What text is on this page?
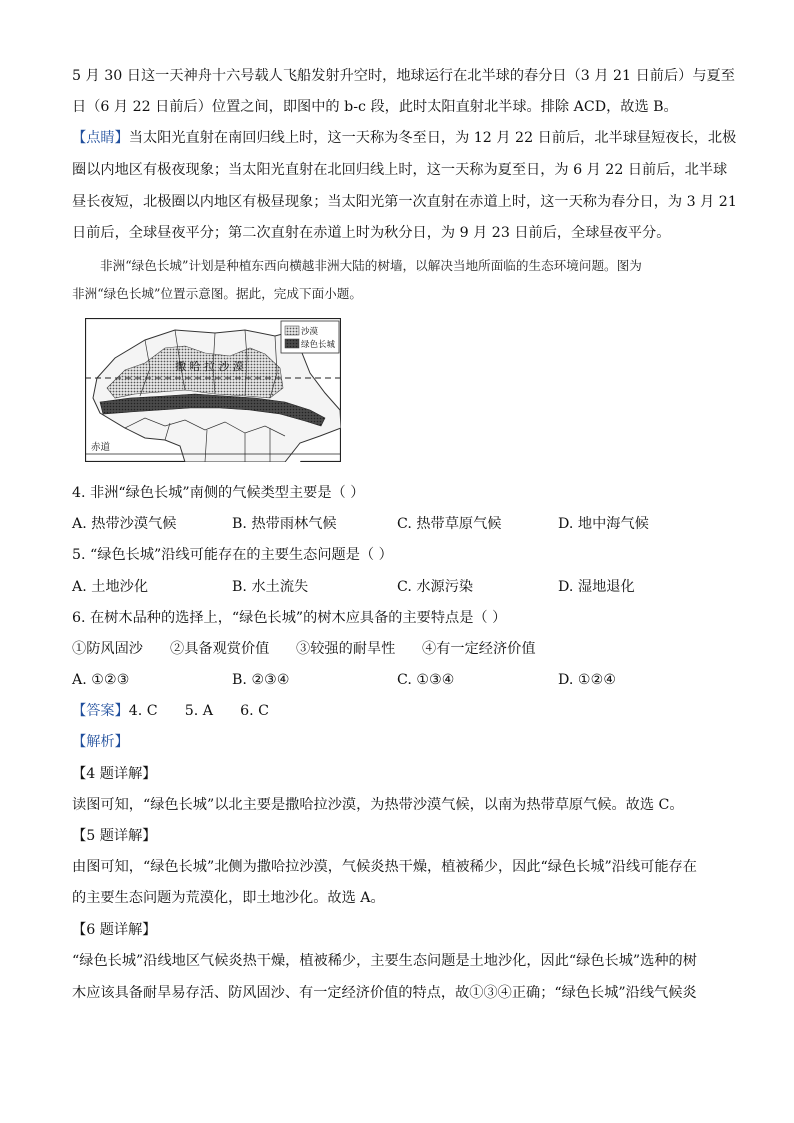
5 月 30 日这一天神舟十六号载人飞船发射升空时，地球运行在北半球的春分日（3 月 21 日前后）与夏至
日（6 月 22 日前后）位置之间，即图中的 b-c 段，此时太阳直射北半球。排除 ACD，故选 B。
【点睛】当太阳光直射在南回归线上时，这一天称为冬至日，为 12 月 22 日前后，北半球昼短夜长，北极
圈以内地区有极夜现象；当太阳光直射在北回归线上时，这一天称为夏至日，为 6 月 22 日前后，北半球
昼长夜短，北极圈以内地区有极昼现象；当太阳光第一次直射在赤道上时，这一天称为春分日，为 3 月 21
日前后，全球昼夜平分；第二次直射在赤道上时为秋分日，为 9 月 23 日前后，全球昼夜平分。
非洲“绿色长城”计划是种植东西向横越非洲大陆的树墙，以解决当地所面临的生态环境问题。图为
非洲“绿色长城”位置示意图。据此，完成下面小题。
撒 哈 拉 沙 漠
赤道
沙漠
绿色长城
4. 非洲“绿色长城”南侧的气候类型主要是（ ）
A. 热带沙漠气候	B. 热带雨林气候	C. 热带草原气候	D. 地中海气候
5. “绿色长城”沿线可能存在的主要生态问题是（ ）
A. 土地沙化	B. 水土流失	C. 水源污染	D. 湿地退化
6. 在树木品种的选择上，“绿色长城”的树木应具备的主要特点是（ ）
①防风固沙 ②具备观赏价值 ③较强的耐旱性 ④有一定经济价值
A. ①②③	B. ②③④	C. ①③④	D. ①②④
【答案】4. C      5. A      6. C
【解析】
【4 题详解】
读图可知，“绿色长城”以北主要是撒哈拉沙漠，为热带沙漠气候，以南为热带草原气候。故选 C。
【5 题详解】
由图可知，“绿色长城”北侧为撒哈拉沙漠，气候炎热干燥，植被稀少，因此“绿色长城”沿线可能存在
的主要生态问题为荒漠化，即土地沙化。故选 A。
【6 题详解】
“绿色长城”沿线地区气候炎热干燥，植被稀少，主要生态问题是土地沙化，因此“绿色长城”选种的树
木应该具备耐旱易存活、防风固沙、有一定经济价值的特点，故①③④正确；“绿色长城”沿线气候炎
